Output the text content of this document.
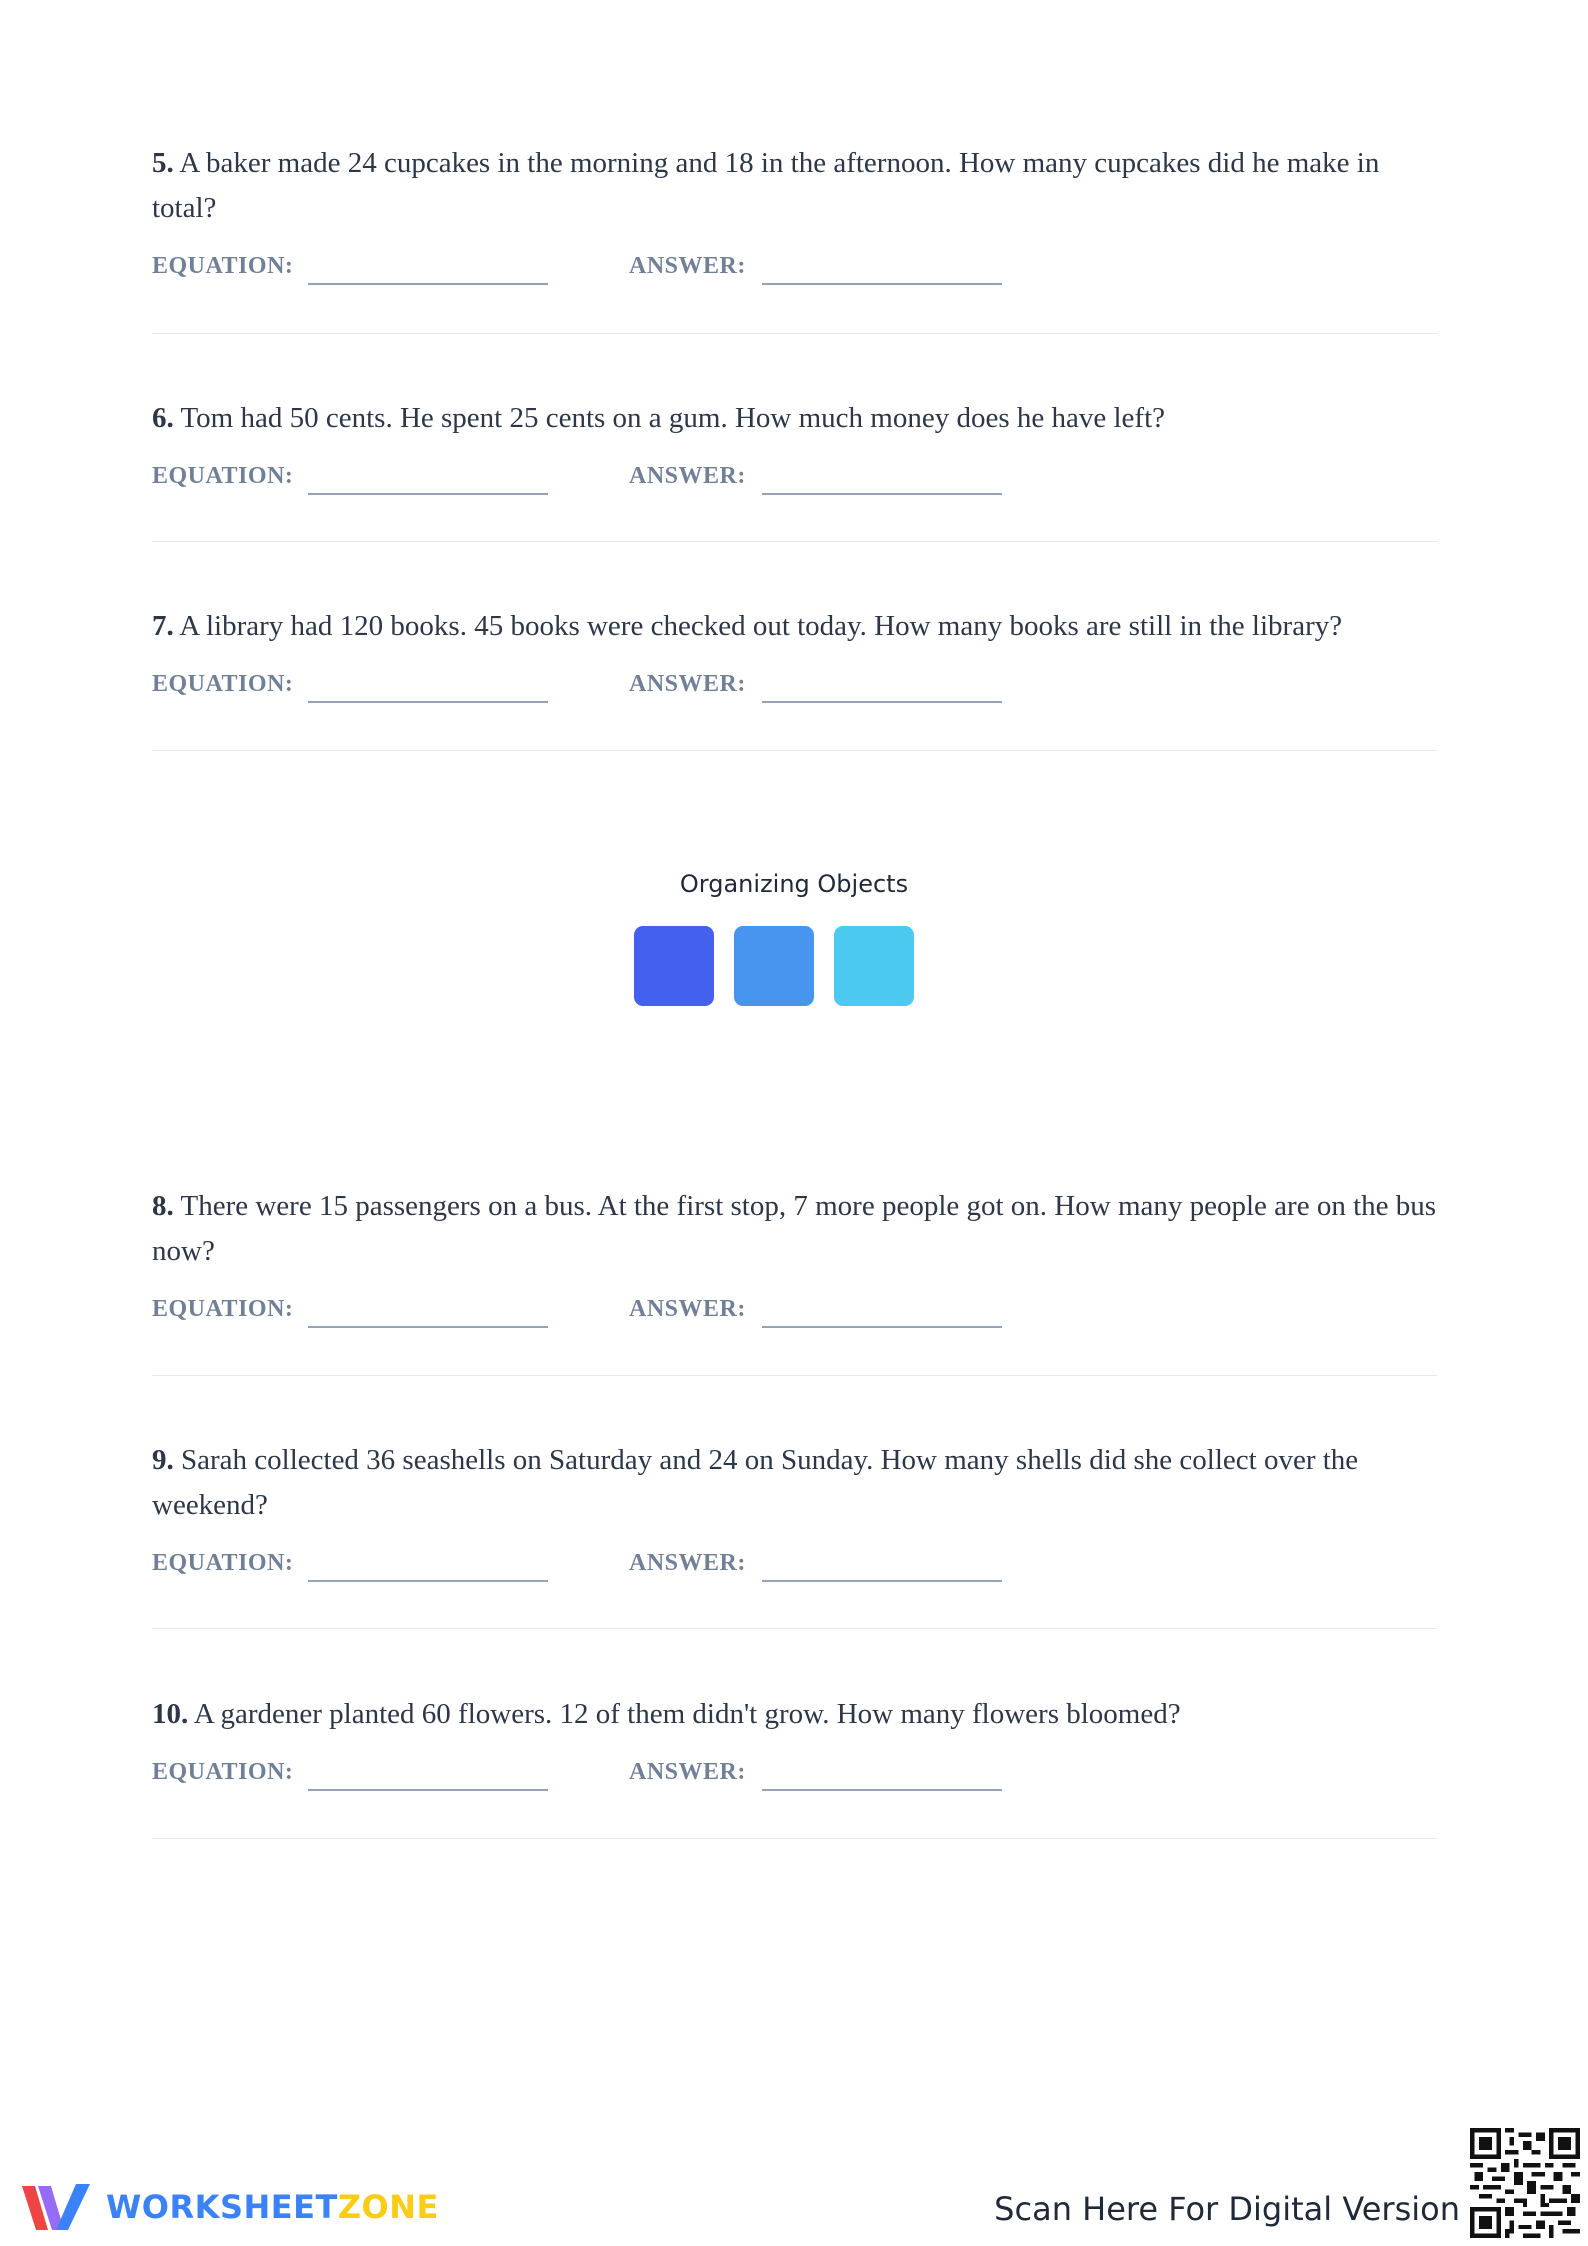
5. A baker made 24 cupcakes in the morning and 18 in the afternoon. How many cupcakes did he make in total?

EQUATION:	ANSWER:

6. Tom had 50 cents. He spent 25 cents on a gum. How much money does he have left?

EQUATION:	ANSWER:

7. A library had 120 books. 45 books were checked out today. How many books are still in the library?

EQUATION:	ANSWER:

Organizing Objects

8. There were 15 passengers on a bus. At the first stop, 7 more people got on. How many people are on the bus now?

EQUATION:	ANSWER:

9. Sarah collected 36 seashells on Saturday and 24 on Sunday. How many shells did she collect over the weekend?

EQUATION:	ANSWER:

10. A gardener planted 60 flowers. 12 of them didn't grow. How many flowers bloomed?

EQUATION:	ANSWER:
WORKSHEETZONE	Scan Here For Digital Version
